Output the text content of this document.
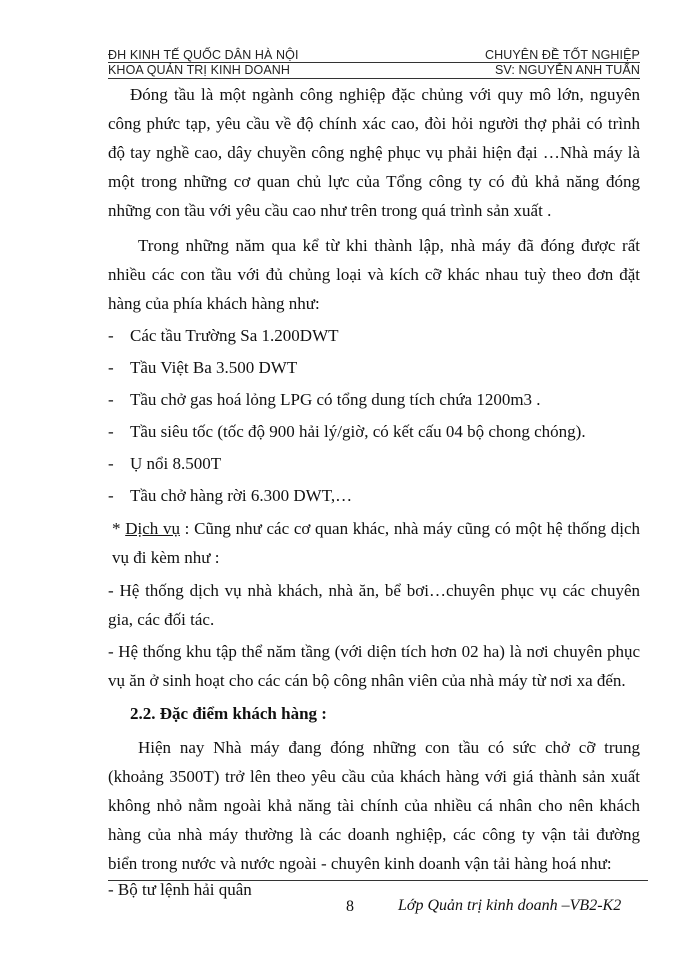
ĐH KINH TẾ QUỐC DÂN HÀ NỘI	CHUYÊN ĐỀ TỐT NGHIỆP
KHOA QUẢN TRỊ KINH DOANH	SV: NGUYỄN ANH TUẤN

Đóng tầu là một ngành công nghiệp đặc chủng với quy mô lớn, nguyên công phức tạp, yêu cầu về độ chính xác cao, đòi hỏi người thợ phải có trình độ tay nghề cao, dây chuyền công nghệ phục vụ phải hiện đại …Nhà máy là một trong những cơ quan chủ lực của Tổng công ty có đủ khả năng đóng những con tầu với yêu cầu cao như trên trong quá trình sản xuất .

Trong những năm qua kể từ khi thành lập, nhà máy đã đóng được rất nhiều các con tầu với đủ chủng loại và kích cỡ khác nhau tuỳ theo đơn đặt hàng của phía khách hàng như:

- Các tầu Trường Sa 1.200DWT
- Tầu Việt Ba 3.500 DWT
- Tầu chở gas hoá lỏng LPG có tổng dung tích chứa 1200m3 .
- Tầu siêu tốc (tốc độ 900 hải lý/giờ, có kết cấu 04 bộ chong chóng).
- Ụ nổi 8.500T
- Tầu chở hàng rời 6.300 DWT,…

* Dịch vụ : Cũng như các cơ quan khác, nhà máy cũng có một hệ thống dịch vụ đi kèm như :

- Hệ thống dịch vụ nhà khách, nhà ăn, bể bơi…chuyên phục vụ các chuyên gia, các đối tác.

- Hệ thống khu tập thể năm tầng (với diện tích hơn 02 ha) là nơi chuyên phục vụ ăn ở sinh hoạt cho các cán bộ công nhân viên của nhà máy từ nơi xa đến.

2.2. Đặc điểm khách hàng :

Hiện nay Nhà máy đang đóng những con tầu có sức chở cỡ trung (khoảng 3500T) trở lên theo yêu cầu của khách hàng với giá thành sản xuất không nhỏ nằm ngoài khả năng tài chính của nhiều cá nhân cho nên khách hàng của nhà máy thường là các doanh nghiệp, các công ty vận tải đường biển trong nước và nước ngoài - chuyên kinh doanh vận tải hàng hoá như:

- Bộ tư lệnh hải quân
8	Lớp Quản trị kinh doanh –VB2-K2
